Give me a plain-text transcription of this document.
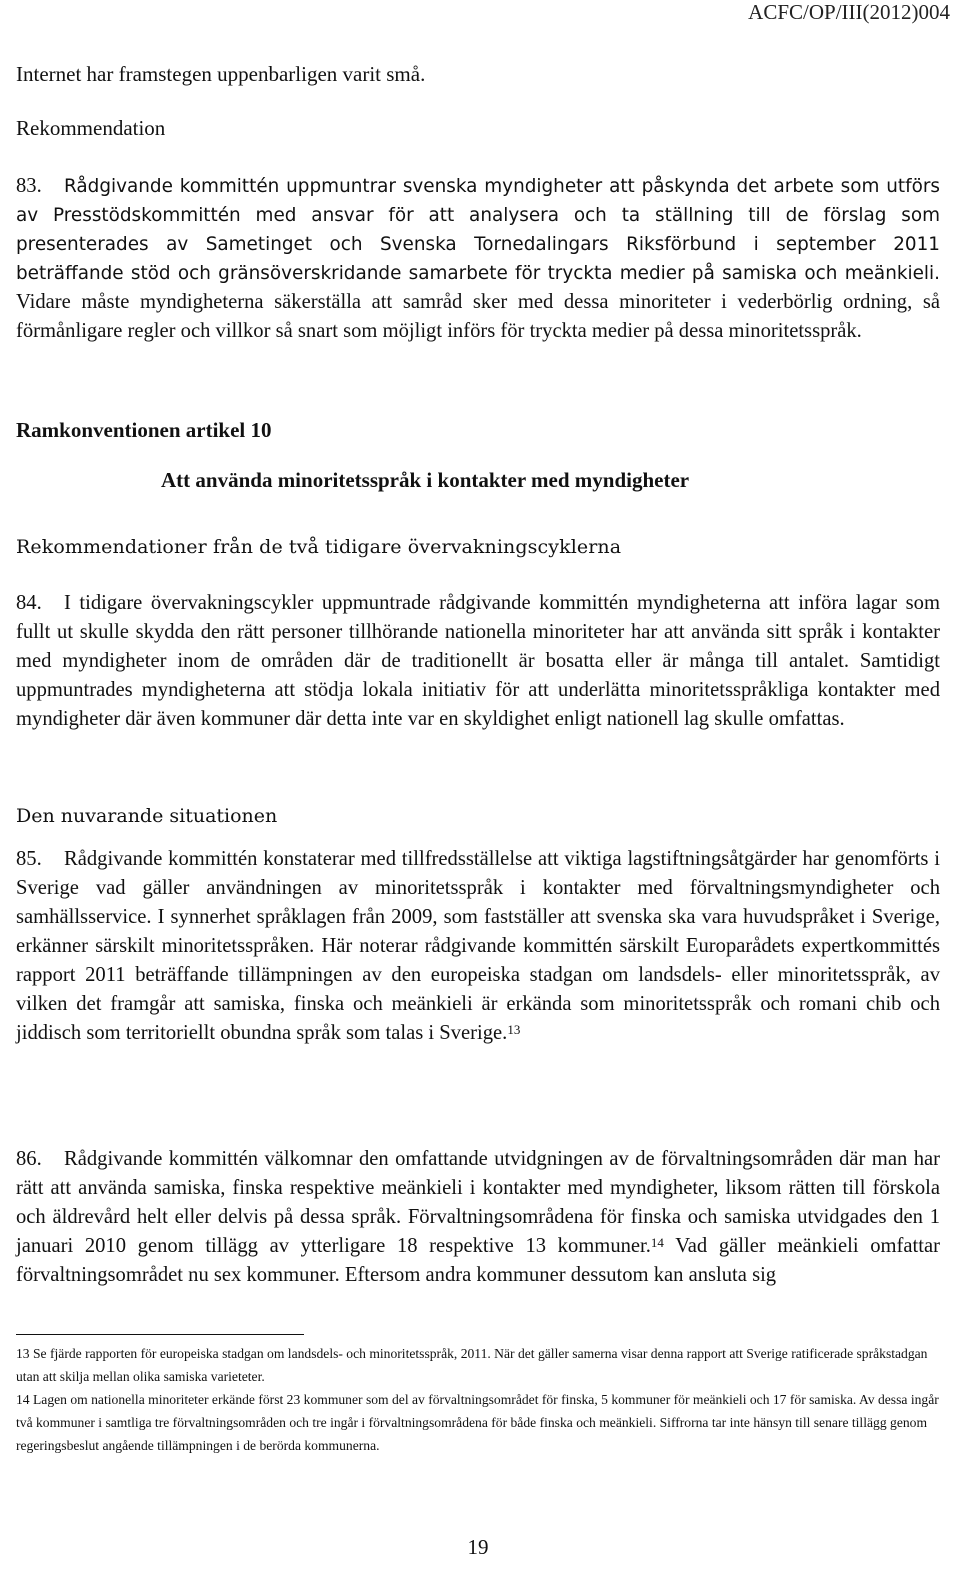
ACFC/OP/III(2012)004

Internet har framstegen uppenbarligen varit små.

Rekommendation

83. Rådgivande kommittén uppmuntrar svenska myndigheter att påskynda det arbete som utförs av Presstödskommittén med ansvar för att analysera och ta ställning till de förslag som presenterades av Sametinget och Svenska Tornedalingars Riksförbund i september 2011 beträffande stöd och gränsöverskridande samarbete för tryckta medier på samiska och meänkieli. Vidare måste myndigheterna säkerställa att samråd sker med dessa minoriteter i vederbörlig ordning, så förmånligare regler och villkor så snart som möjligt införs för tryckta medier på dessa minoritetsspråk.

Ramkonventionen artikel 10
Att använda minoritetsspråk i kontakter med myndigheter

Rekommendationer från de två tidigare övervakningscyklerna

84. I tidigare övervakningscykler uppmuntrade rådgivande kommittén myndigheterna att införa lagar som fullt ut skulle skydda den rätt personer tillhörande nationella minoriteter har att använda sitt språk i kontakter med myndigheter inom de områden där de traditionellt är bosatta eller är många till antalet. Samtidigt uppmuntrades myndigheterna att stödja lokala initiativ för att underlätta minoritetsspråkliga kontakter med myndigheter där även kommuner där detta inte var en skyldighet enligt nationell lag skulle omfattas.

Den nuvarande situationen

85. Rådgivande kommittén konstaterar med tillfredsställelse att viktiga lagstiftningsåtgärder har genomförts i Sverige vad gäller användningen av minoritetsspråk i kontakter med förvaltningsmyndigheter och samhällsservice. I synnerhet språklagen från 2009, som fastställer att svenska ska vara huvudspråket i Sverige, erkänner särskilt minoritetsspråken. Här noterar rådgivande kommittén särskilt Europarådets expertkommittés rapport 2011 beträffande tillämpningen av den europeiska stadgan om landsdels- eller minoritetsspråk, av vilken det framgår att samiska, finska och meänkieli är erkända som minoritetsspråk och romani chib och jiddisch som territoriellt obundna språk som talas i Sverige.$^{13}$

86. Rådgivande kommittén välkomnar den omfattande utvidgningen av de förvaltningsområden där man har rätt att använda samiska, finska respektive meänkieli i kontakter med myndigheter, liksom rätten till förskola och äldrevård helt eller delvis på dessa språk. Förvaltningsområdena för finska och samiska utvidgades den 1 januari 2010 genom tillägg av ytterligare 18 respektive 13 kommuner.$^{14}$ Vad gäller meänkieli omfattar förvaltningsområdet nu sex kommuner. Eftersom andra kommuner dessutom kan ansluta sig

13 Se fjärde rapporten för europeiska stadgan om landsdels- och minoritetsspråk, 2011. När det gäller samerna visar denna rapport att Sverige ratificerade språkstadgan utan att skilja mellan olika samiska varieteter.

14 Lagen om nationella minoriteter erkände först 23 kommuner som del av förvaltningsområdet för finska, 5 kommuner för meänkieli och 17 för samiska. Av dessa ingår två kommuner i samtliga tre förvaltningsområden och tre ingår i förvaltningsområdena för både finska och meänkieli. Siffrorna tar inte hänsyn till senare tillägg genom regeringsbeslut angående tillämpningen i de berörda kommunerna.

19
